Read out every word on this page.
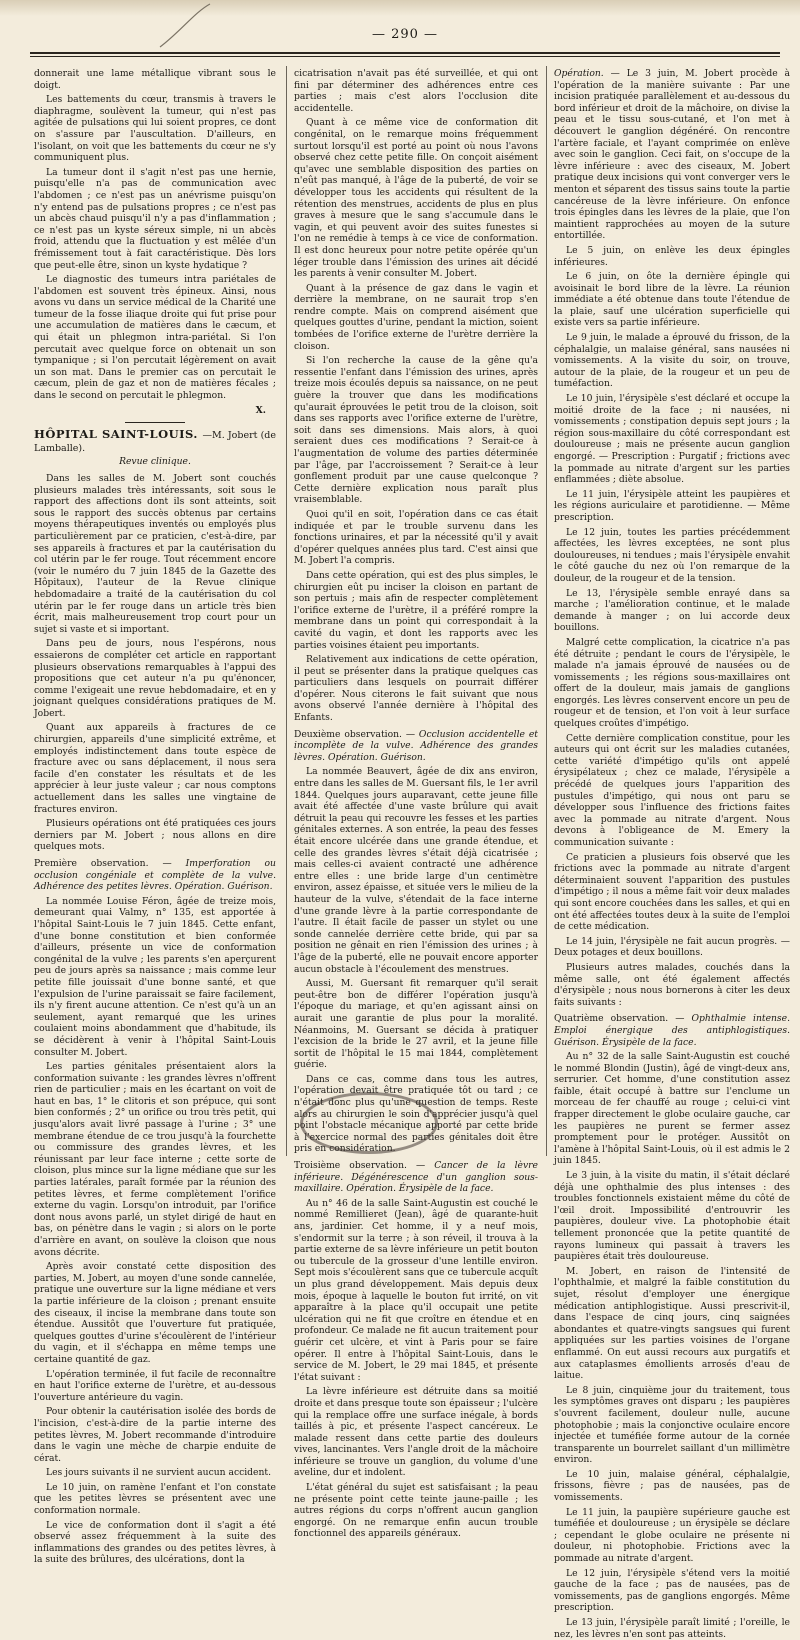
— 290 —

donnerait une lame métallique vibrant sous le doigt.

Les battements du cœur, transmis à travers le diaphragme, soulèvent la tumeur, qui n'est pas agitée de pulsations qui lui soient propres, ce dont on s'assure par l'auscultation. D'ailleurs, en l'isolant, on voit que les battements du cœur ne s'y communiquent plus.

La tumeur dont il s'agit n'est pas une hernie, puisqu'elle n'a pas de communication avec l'abdomen ; ce n'est pas un anévrisme puisqu'on n'y entend pas de pulsations propres ; ce n'est pas un abcès chaud puisqu'il n'y a pas d'inflammation ; ce n'est pas un kyste séreux simple, ni un abcès froid, attendu que la fluctuation y est mêlée d'un frémissement tout à fait caractéristique. Dès lors que peut-elle être, sinon un kyste hydatique ?

Le diagnostic des tumeurs intra pariétales de l'abdomen est souvent très épineux. Ainsi, nous avons vu dans un service médical de la Charité une tumeur de la fosse iliaque droite qui fut prise pour une accumulation de matières dans le cæcum, et qui était un phlegmon intra-pariétal. Si l'on percutait avec quelque force on obtenait un son tympanique ; si l'on percutait légèrement on avait un son mat. Dans le premier cas on percutait le cæcum, plein de gaz et non de matières fécales ; dans le second on percutait le phlegmon.

X.

HÔPITAL SAINT-LOUIS. —M. Jobert (de Lamballe).

Revue clinique.

Dans les salles de M. Jobert sont couchés plusieurs malades très intéressants, soit sous le rapport des affections dont ils sont atteints, soit sous le rapport des succès obtenus par certains moyens thérapeutiques inventés ou employés plus particulièrement par ce praticien, c'est-à-dire, par ses appareils à fractures et par la cautérisation du col utérin par le fer rouge. Tout récemment encore (voir le numéro du 7 juin 1845 de la Gazette des Hôpitaux), l'auteur de la Revue clinique hebdomadaire a traité de la cautérisation du col utérin par le fer rouge dans un article très bien écrit, mais malheureusement trop court pour un sujet si vaste et si important.

Dans peu de jours, nous l'espérons, nous essaierons de compléter cet article en rapportant plusieurs observations remarquables à l'appui des propositions que cet auteur n'a pu qu'énoncer, comme l'exigeait une revue hebdomadaire, et en y joignant quelques considérations pratiques de M. Jobert.

Quant aux appareils à fractures de ce chirurgien, appareils d'une simplicité extrême, et employés indistinctement dans toute espèce de fracture avec ou sans déplacement, il nous sera facile d'en constater les résultats et de les apprécier à leur juste valeur ; car nous comptons actuellement dans les salles une vingtaine de fractures environ.

Plusieurs opérations ont été pratiquées ces jours derniers par M. Jobert ; nous allons en dire quelques mots.

Première observation. — Imperforation ou occlusion congéniale et complète de la vulve. Adhérence des petites lèvres. Opération. Guérison.

La nommée Louise Féron, âgée de treize mois, demeurant quai Valmy, n° 135, est apportée à l'hôpital Saint-Louis le 7 juin 1845. Cette enfant, d'une bonne constitution et bien conformée d'ailleurs, présente un vice de conformation congénital de la vulve ; les parents s'en aperçurent peu de jours après sa naissance ; mais comme leur petite fille jouissait d'une bonne santé, et que l'expulsion de l'urine paraissait se faire facilement, ils n'y firent aucune attention. Ce n'est qu'à un an seulement, ayant remarqué que les urines coulaient moins abondamment que d'habitude, ils se décidèrent à venir à l'hôpital Saint-Louis consulter M. Jobert.

Les parties génitales présentaient alors la conformation suivante : les grandes lèvres n'offrent rien de particulier ; mais en les écartant on voit de haut en bas, 1° le clitoris et son prépuce, qui sont bien conformés ; 2° un orifice ou trou très petit, qui jusqu'alors avait livré passage à l'urine ; 3° une membrane étendue de ce trou jusqu'à la fourchette ou commissure des grandes lèvres, et les réunissant par leur face interne ; cette sorte de cloison, plus mince sur la ligne médiane que sur les parties latérales, paraît formée par la réunion des petites lèvres, et ferme complètement l'orifice externe du vagin. Lorsqu'on introduit, par l'orifice dont nous avons parlé, un stylet dirigé de haut en bas, on pénètre dans le vagin ; si alors on le porte d'arrière en avant, on soulève la cloison que nous avons décrite.

Après avoir constaté cette disposition des parties, M. Jobert, au moyen d'une sonde cannelée, pratique une ouverture sur la ligne médiane et vers la partie inférieure de la cloison ; prenant ensuite des ciseaux, il incise la membrane dans toute son étendue. Aussitôt que l'ouverture fut pratiquée, quelques gouttes d'urine s'écoulèrent de l'intérieur du vagin, et il s'échappa en même temps une certaine quantité de gaz.

L'opération terminée, il fut facile de reconnaître en haut l'orifice externe de l'urètre, et au-dessous l'ouverture antérieure du vagin.

Pour obtenir la cautérisation isolée des bords de l'incision, c'est-à-dire de la partie interne des petites lèvres, M. Jobert recommande d'introduire dans le vagin une mèche de charpie enduite de cérat.

Les jours suivants il ne survient aucun accident.

Le 10 juin, on ramène l'enfant et l'on constate que les petites lèvres se présentent avec une conformation normale.

Le vice de conformation dont il s'agit a été observé assez fréquemment à la suite des inflammations des grandes ou des petites lèvres, à la suite des brûlures, des ulcérations, dont la

cicatrisation n'avait pas été surveillée, et qui ont fini par déterminer des adhérences entre ces parties ; mais c'est alors l'occlusion dite accidentelle.

Quant à ce même vice de conformation dit congénital, on le remarque moins fréquemment surtout lorsqu'il est porté au point où nous l'avons observé chez cette petite fille. On conçoit aisément qu'avec une semblable disposition des parties on n'eût pas manqué, à l'âge de la puberté, de voir se développer tous les accidents qui résultent de la rétention des menstrues, accidents de plus en plus graves à mesure que le sang s'accumule dans le vagin, et qui peuvent avoir des suites funestes si l'on ne remédie à temps à ce vice de conformation. Il est donc heureux pour notre petite opérée qu'un léger trouble dans l'émission des urines ait décidé les parents à venir consulter M. Jobert.

Quant à la présence de gaz dans le vagin et derrière la membrane, on ne saurait trop s'en rendre compte. Mais on comprend aisément que quelques gouttes d'urine, pendant la miction, soient tombées de l'orifice externe de l'urètre derrière la cloison.

Si l'on recherche la cause de la gêne qu'a ressentie l'enfant dans l'émission des urines, après treize mois écoulés depuis sa naissance, on ne peut guère la trouver que dans les modifications qu'aurait éprouvées le petit trou de la cloison, soit dans ses rapports avec l'orifice externe de l'urètre, soit dans ses dimensions. Mais alors, à quoi seraient dues ces modifications ? Serait-ce à l'augmentation de volume des parties déterminée par l'âge, par l'accroissement ? Serait-ce à leur gonflement produit par une cause quelconque ? Cette dernière explication nous paraît plus vraisemblable.

Quoi qu'il en soit, l'opération dans ce cas était indiquée et par le trouble survenu dans les fonctions urinaires, et par la nécessité qu'il y avait d'opérer quelques années plus tard. C'est ainsi que M. Jobert l'a compris.

Dans cette opération, qui est des plus simples, le chirurgien eût pu inciser la cloison en partant de son pertuis ; mais afin de respecter complètement l'orifice externe de l'urètre, il a préféré rompre la membrane dans un point qui correspondait à la cavité du vagin, et dont les rapports avec les parties voisines étaient peu importants.

Relativement aux indications de cette opération, il peut se présenter dans la pratique quelques cas particuliers dans lesquels on pourrait différer d'opérer. Nous citerons le fait suivant que nous avons observé l'année dernière à l'hôpital des Enfants.

Deuxième observation. — Occlusion accidentelle et incomplète de la vulve. Adhérence des grandes lèvres. Opération. Guérison.

La nommée Beauvert, âgée de dix ans environ, entre dans les salles de M. Guersant fils, le 1er avril 1844. Quelques jours auparavant, cette jeune fille avait été affectée d'une vaste brûlure qui avait détruit la peau qui recouvre les fesses et les parties génitales externes. A son entrée, la peau des fesses était encore ulcérée dans une grande étendue, et celle des grandes lèvres s'était déjà cicatrisée ; mais celles-ci avaient contracté une adhérence entre elles : une bride large d'un centimètre environ, assez épaisse, et située vers le milieu de la hauteur de la vulve, s'étendait de la face interne d'une grande lèvre à la partie correspondante de l'autre. Il était facile de passer un stylet ou une sonde cannelée derrière cette bride, qui par sa position ne gênait en rien l'émission des urines ; à l'âge de la puberté, elle ne pouvait encore apporter aucun obstacle à l'écoulement des menstrues.

Aussi, M. Guersant fit remarquer qu'il serait peut-être bon de différer l'opération jusqu'à l'époque du mariage, et qu'en agissant ainsi on aurait une garantie de plus pour la moralité. Néanmoins, M. Guersant se décida à pratiquer l'excision de la bride le 27 avril, et la jeune fille sortit de l'hôpital le 15 mai 1844, complètement guérie.

Dans ce cas, comme dans tous les autres, l'opération devait être pratiquée tôt ou tard ; ce n'était donc plus qu'une question de temps. Reste alors au chirurgien le soin d'apprécier jusqu'à quel point l'obstacle mécanique apporté par cette bride à l'exercice normal des parties génitales doit être pris en considération.

Troisième observation. — Cancer de la lèvre inférieure. Dégénérescence d'un ganglion sous-maxillaire. Opération. Érysipèle de la face.

Au n° 46 de la salle Saint-Augustin est couché le nommé Remillieret (Jean), âgé de quarante-huit ans, jardinier. Cet homme, il y a neuf mois, s'endormit sur la terre ; à son réveil, il trouva à la partie externe de sa lèvre inférieure un petit bouton ou tubercule de la grosseur d'une lentille environ. Sept mois s'écoulèrent sans que ce tubercule acquît un plus grand développement. Mais depuis deux mois, époque à laquelle le bouton fut irrité, on vit apparaître à la place qu'il occupait une petite ulcération qui ne fit que croître en étendue et en profondeur. Ce malade ne fit aucun traitement pour guérir cet ulcère, et vint à Paris pour se faire opérer. Il entre à l'hôpital Saint-Louis, dans le service de M. Jobert, le 29 mai 1845, et présente l'état suivant :

La lèvre inférieure est détruite dans sa moitié droite et dans presque toute son épaisseur ; l'ulcère qui la remplace offre une surface inégale, à bords taillés à pic, et présente l'aspect cancéreux. Le malade ressent dans cette partie des douleurs vives, lancinantes. Vers l'angle droit de la mâchoire inférieure se trouve un ganglion, du volume d'une aveline, dur et indolent.

L'état général du sujet est satisfaisant ; la peau ne présente point cette teinte jaune-paille ; les autres régions du corps n'offrent aucun ganglion engorgé. On ne remarque enfin aucun trouble fonctionnel des appareils généraux.

Opération. — Le 3 juin, M. Jobert procède à l'opération de la manière suivante : Par une incision pratiquée parallèlement et au-dessous du bord inférieur et droit de la mâchoire, on divise la peau et le tissu sous-cutané, et l'on met à découvert le ganglion dégénéré. On rencontre l'artère faciale, et l'ayant comprimée on enlève avec soin le ganglion. Ceci fait, on s'occupe de la lèvre inférieure : avec des ciseaux, M. Jobert pratique deux incisions qui vont converger vers le menton et séparent des tissus sains toute la partie cancéreuse de la lèvre inférieure. On enfonce trois épingles dans les lèvres de la plaie, que l'on maintient rapprochées au moyen de la suture entortillée.

Le 5 juin, on enlève les deux épingles inférieures.

Le 6 juin, on ôte la dernière épingle qui avoisinait le bord libre de la lèvre. La réunion immédiate a été obtenue dans toute l'étendue de la plaie, sauf une ulcération superficielle qui existe vers sa partie inférieure.

Le 9 juin, le malade a éprouvé du frisson, de la céphalalgie, un malaise général, sans nausées ni vomissements. A la visite du soir, on trouve, autour de la plaie, de la rougeur et un peu de tuméfaction.

Le 10 juin, l'érysipèle s'est déclaré et occupe la moitié droite de la face ; ni nausées, ni vomissements ; constipation depuis sept jours ; la région sous-maxillaire du côté correspondant est douloureuse ; mais ne présente aucun ganglion engorgé. — Prescription : Purgatif ; frictions avec la pommade au nitrate d'argent sur les parties enflammées ; diète absolue.

Le 11 juin, l'érysipèle atteint les paupières et les régions auriculaire et parotidienne. — Même prescription.

Le 12 juin, toutes les parties précédemment affectées, les lèvres exceptées, ne sont plus douloureuses, ni tendues ; mais l'érysipèle envahit le côté gauche du nez où l'on remarque de la douleur, de la rougeur et de la tension.

Le 13, l'érysipèle semble enrayé dans sa marche ; l'amélioration continue, et le malade demande à manger ; on lui accorde deux bouillons.

Malgré cette complication, la cicatrice n'a pas été détruite ; pendant le cours de l'érysipèle, le malade n'a jamais éprouvé de nausées ou de vomissements ; les régions sous-maxillaires ont offert de la douleur, mais jamais de ganglions engorgés. Les lèvres conservent encore un peu de rougeur et de tension, et l'on voit à leur surface quelques croûtes d'impétigo.

Cette dernière complication constitue, pour les auteurs qui ont écrit sur les maladies cutanées, cette variété d'impétigo qu'ils ont appelé érysipélateux ; chez ce malade, l'érysipèle a précédé de quelques jours l'apparition des pustules d'impétigo, qui nous ont paru se développer sous l'influence des frictions faites avec la pommade au nitrate d'argent. Nous devons à l'obligeance de M. Emery la communication suivante :

Ce praticien a plusieurs fois observé que les frictions avec la pommade au nitrate d'argent déterminaient souvent l'apparition des pustules d'impétigo ; il nous a même fait voir deux malades qui sont encore couchées dans les salles, et qui en ont été affectées toutes deux à la suite de l'emploi de cette médication.

Le 14 juin, l'érysipèle ne fait aucun progrès. — Deux potages et deux bouillons.

Plusieurs autres malades, couchés dans la même salle, ont été également affectés d'érysipèle ; nous nous bornerons à citer les deux faits suivants :

Quatrième observation. — Ophthalmie intense. Emploi énergique des antiphlogistiques. Guérison. Érysipèle de la face.

Au n° 32 de la salle Saint-Augustin est couché le nommé Blondin (Justin), âgé de vingt-deux ans, serrurier. Cet homme, d'une constitution assez faible, était occupé à battre sur l'enclume un morceau de fer chauffé au rouge ; celui-ci vint frapper directement le globe oculaire gauche, car les paupières ne purent se fermer assez promptement pour le protéger. Aussitôt on l'amène à l'hôpital Saint-Louis, où il est admis le 2 juin 1845.

Le 3 juin, à la visite du matin, il s'était déclaré déjà une ophthalmie des plus intenses : des troubles fonctionnels existaient même du côté de l'œil droit. Impossibilité d'entrouvrir les paupières, douleur vive. La photophobie était tellement prononcée que la petite quantité de rayons lumineux qui passait à travers les paupières était très douloureuse.

M. Jobert, en raison de l'intensité de l'ophthalmie, et malgré la faible constitution du sujet, résolut d'employer une énergique médication antiphlogistique. Aussi prescrivit-il, dans l'espace de cinq jours, cinq saignées abondantes et quatre-vingts sangsues qui furent appliquées sur les parties voisines de l'organe enflammé. On eut aussi recours aux purgatifs et aux cataplasmes émollients arrosés d'eau de laitue.

Le 8 juin, cinquième jour du traitement, tous les symptômes graves ont disparu ; les paupières s'ouvrent facilement, douleur nulle, aucune photophobie ; mais la conjonctive oculaire encore injectée et tuméfiée forme autour de la cornée transparente un bourrelet saillant d'un millimètre environ.

Le 10 juin, malaise général, céphalalgie, frissons, fièvre ; pas de nausées, pas de vomissements.

Le 11 juin, la paupière supérieure gauche est tuméfiée et douloureuse ; un érysipèle se déclare ; cependant le globe oculaire ne présente ni douleur, ni photophobie. Frictions avec la pommade au nitrate d'argent.

Le 12 juin, l'érysipèle s'étend vers la moitié gauche de la face ; pas de nausées, pas de vomissements, pas de ganglions engorgés. Même prescription.

Le 13 juin, l'érysipèle paraît limité ; l'oreille, le nez, les lèvres n'en sont pas atteints.
